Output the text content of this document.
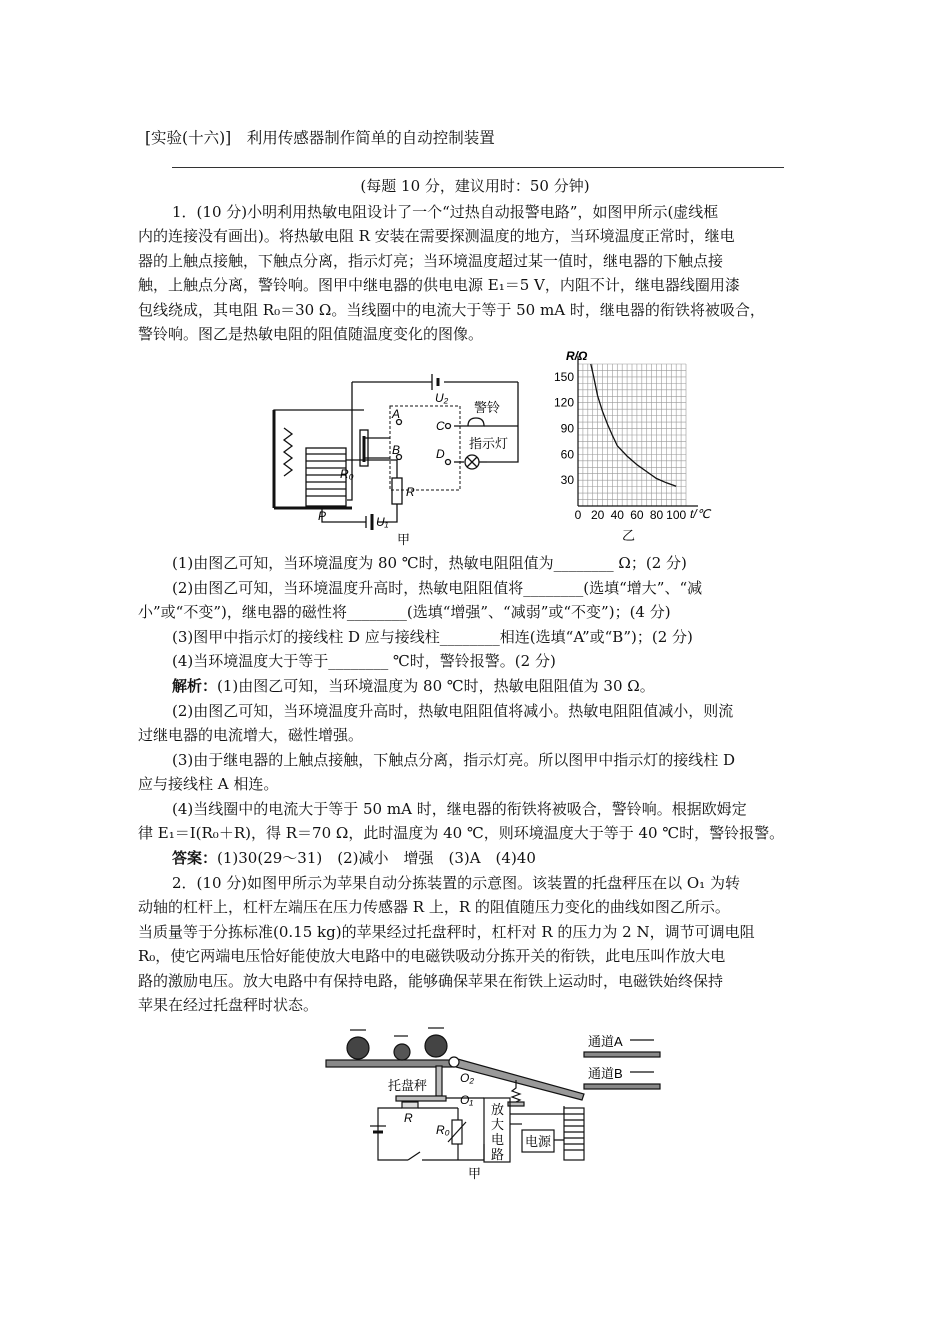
[实验(十六)]　利用传感器制作简单的自动控制装置
(每题 10 分，建议用时：50 分钟)
1．(10 分)小明利用热敏电阻设计了一个“过热自动报警电路”，如图甲所示(虚线框
内的连接没有画出)。将热敏电阻 R 安装在需要探测温度的地方，当环境温度正常时，继电
器的上触点接触，下触点分离，指示灯亮；当环境温度超过某一值时，继电器的下触点接
触，上触点分离，警铃响。图甲中继电器的供电电源 E₁＝5 V，内阻不计，继电器线圈用漆
包线绕成，其电阻 R₀＝30 Ω。当线圈中的电流大于等于 50 mA 时，继电器的衔铁将被吸合，
警铃响。图乙是热敏电阻的阻值随温度变化的图像。
U₂
A
B
C
D
警铃
指示灯
R₀
R
P	U₁
甲
0 20 40 60 80 100
30
60
90
120
150
R/Ω
t/℃
乙
(1)由图乙可知，当环境温度为 80 ℃时，热敏电阻阻值为________ Ω；(2 分)
(2)由图乙可知，当环境温度升高时，热敏电阻阻值将________(选填“增大”、“减
小”或“不变”)，继电器的磁性将________(选填“增强”、“减弱”或“不变”)；(4 分)
(3)图甲中指示灯的接线柱 D 应与接线柱________相连(选填“A”或“B”)；(2 分)
(4)当环境温度大于等于________ ℃时，警铃报警。(2 分)
解析：(1)由图乙可知，当环境温度为 80 ℃时，热敏电阻阻值为 30 Ω。
(2)由图乙可知，当环境温度升高时，热敏电阻阻值将减小。热敏电阻阻值减小，则流
过继电器的电流增大，磁性增强。
(3)由于继电器的上触点接触，下触点分离，指示灯亮。所以图甲中指示灯的接线柱 D
应与接线柱 A 相连。
(4)当线圈中的电流大于等于 50 mA 时，继电器的衔铁将被吸合，警铃响。根据欧姆定
律 E₁＝I(R₀＋R)，得 R＝70 Ω，此时温度为 40 ℃，则环境温度大于等于 40 ℃时，警铃报警。
答案：(1)30(29～31)　(2)减小　增强　(3)A　(4)40
2．(10 分)如图甲所示为苹果自动分拣装置的示意图。该装置的托盘秤压在以 O₁ 为转
动轴的杠杆上，杠杆左端压在压力传感器 R 上，R 的阻值随压力变化的曲线如图乙所示。
当质量等于分拣标准(0.15 kg)的苹果经过托盘秤时，杠杆对 R 的压力为 2 N，调节可调电阻
R₀，使它两端电压恰好能使放大电路中的电磁铁吸动分拣开关的衔铁，此电压叫作放大电
路的激励电压。放大电路中有保持电路，能够确保苹果在衔铁上运动时，电磁铁始终保持
苹果在经过托盘秤时状态。
通道A
通道B
托盘秤	O₂
O₁
R
R₀
放
大
电
路
电源
甲
